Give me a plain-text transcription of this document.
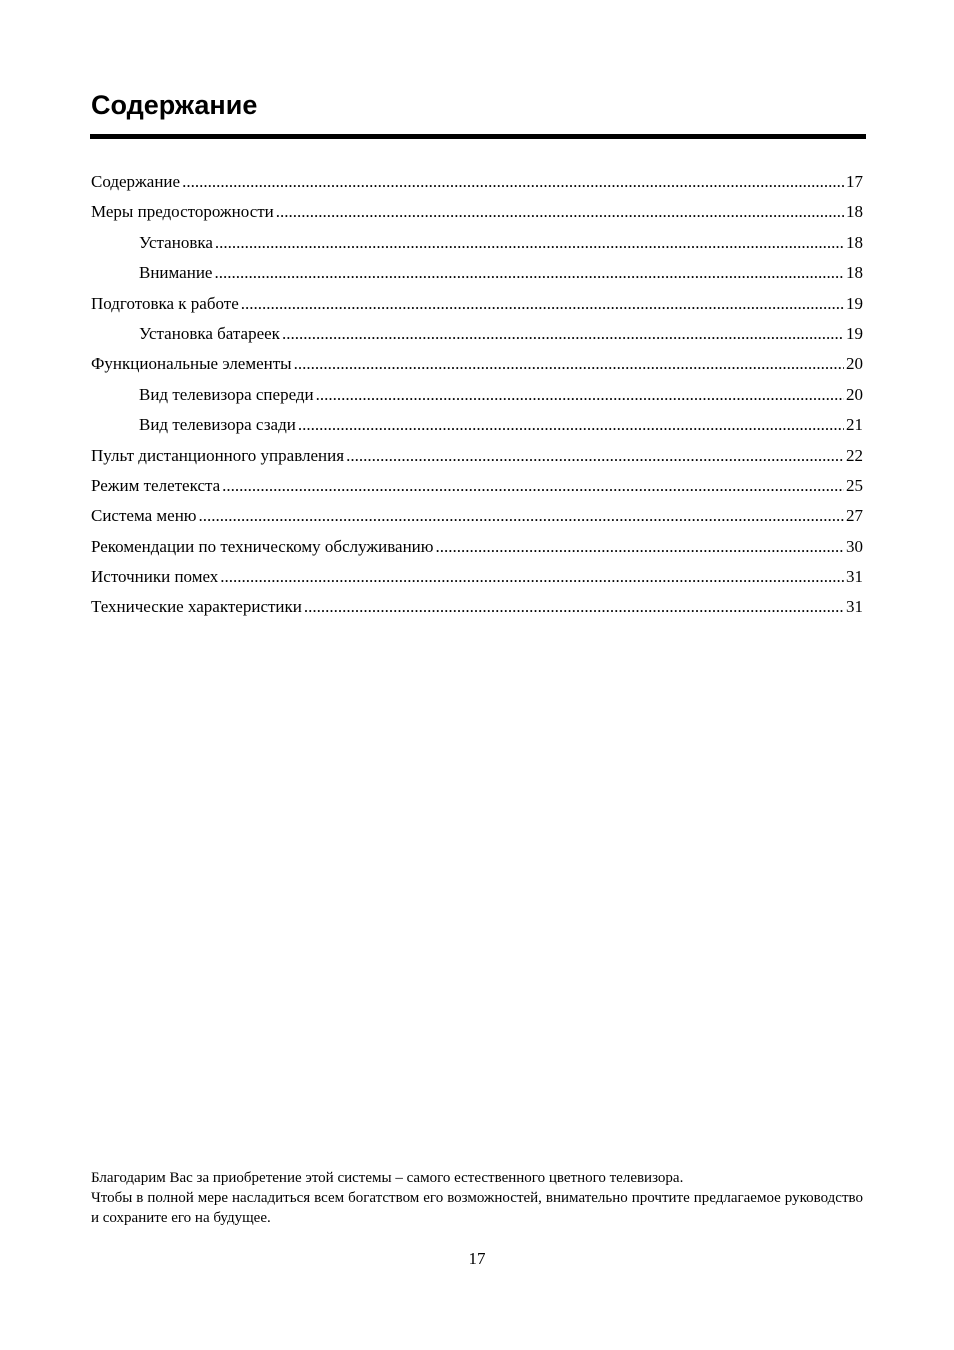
Содержание
Содержание .....	17
Меры предосторожности .....	18
Установка .....	18
Внимание .....	18
Подготовка к работе .....	19
Установка батареек .....	19
Функциональные элементы .....	20
Вид телевизора спереди .....	20
Вид телевизора сзади .....	21
Пульт дистанционного управления .....	22
Режим телетекста .....	25
Система меню .....	27
Рекомендации по техническому обслуживанию .....	30
Источники помех .....	31
Технические характеристики .....	31

Благодарим Вас за приобретение этой системы – самого естественного цветного телевизора.

Чтобы в полной мере насладиться всем богатством его возможностей, внимательно прочтите предлагаемое руководство и сохраните его на будущее.

17
